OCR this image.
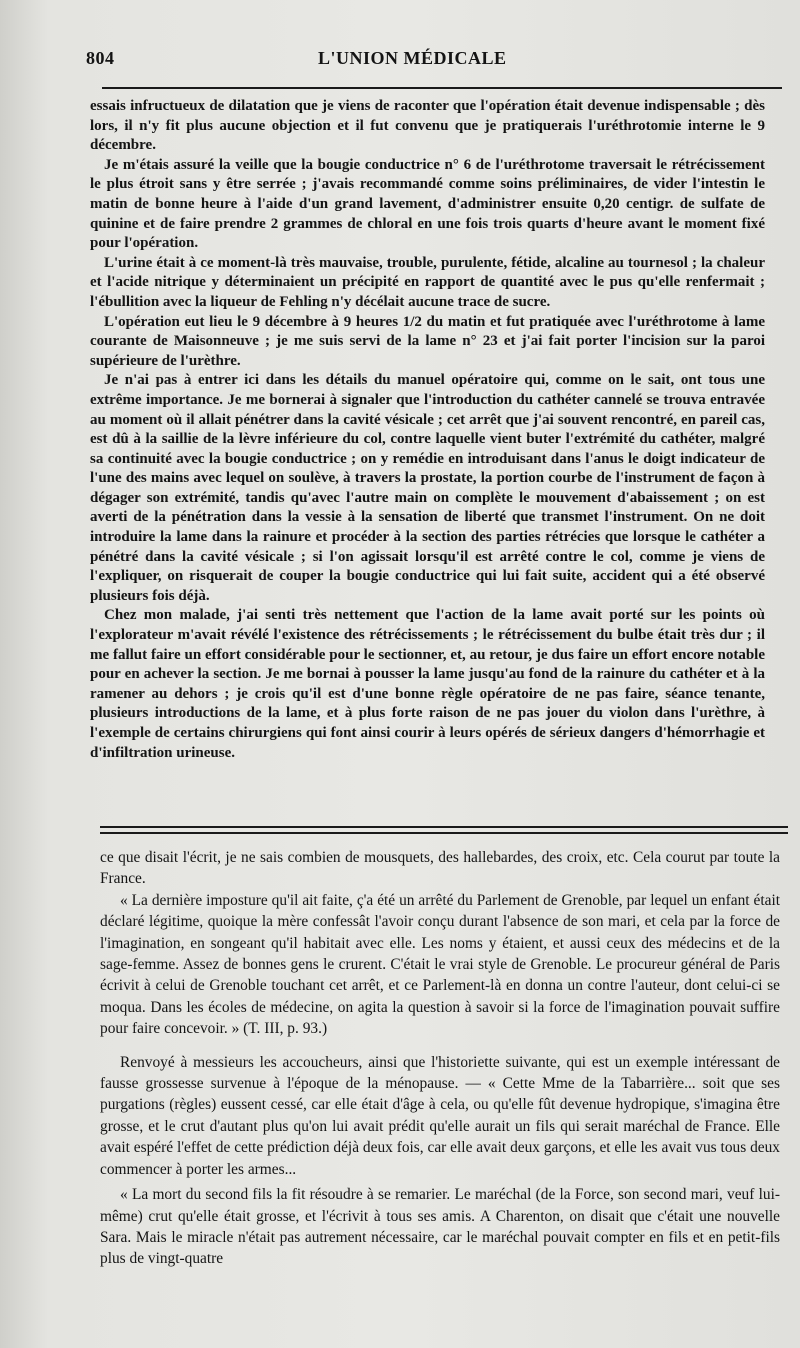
804	L'UNION MÉDICALE

essais infructueux de dilatation que je viens de raconter que l'opération était devenue indispensable ; dès lors, il n'y fit plus aucune objection et il fut convenu que je pratiquerais l'uréthrotomie interne le 9 décembre.

Je m'étais assuré la veille que la bougie conductrice n° 6 de l'uréthrotome traversait le rétrécissement le plus étroit sans y être serrée ; j'avais recommandé comme soins préliminaires, de vider l'intestin le matin de bonne heure à l'aide d'un grand lavement, d'administrer ensuite 0,20 centigr. de sulfate de quinine et de faire prendre 2 grammes de chloral en une fois trois quarts d'heure avant le moment fixé pour l'opération.

L'urine était à ce moment-là très mauvaise, trouble, purulente, fétide, alcaline au tournesol ; la chaleur et l'acide nitrique y déterminaient un précipité en rapport de quantité avec le pus qu'elle renfermait ; l'ébullition avec la liqueur de Fehling n'y décélait aucune trace de sucre.

L'opération eut lieu le 9 décembre à 9 heures 1/2 du matin et fut pratiquée avec l'uréthrotome à lame courante de Maisonneuve ; je me suis servi de la lame n° 23 et j'ai fait porter l'incision sur la paroi supérieure de l'urèthre.

Je n'ai pas à entrer ici dans les détails du manuel opératoire qui, comme on le sait, ont tous une extrême importance. Je me bornerai à signaler que l'introduction du cathéter cannelé se trouva entravée au moment où il allait pénétrer dans la cavité vésicale ; cet arrêt que j'ai souvent rencontré, en pareil cas, est dû à la saillie de la lèvre inférieure du col, contre laquelle vient buter l'extrémité du cathéter, malgré sa continuité avec la bougie conductrice ; on y remédie en introduisant dans l'anus le doigt indicateur de l'une des mains avec lequel on soulève, à travers la prostate, la portion courbe de l'instrument de façon à dégager son extrémité, tandis qu'avec l'autre main on complète le mouvement d'abaissement ; on est averti de la pénétration dans la vessie à la sensation de liberté que transmet l'instrument. On ne doit introduire la lame dans la rainure et procéder à la section des parties rétrécies que lorsque le cathéter a pénétré dans la cavité vésicale ; si l'on agissait lorsqu'il est arrêté contre le col, comme je viens de l'expliquer, on risquerait de couper la bougie conductrice qui lui fait suite, accident qui a été observé plusieurs fois déjà.

Chez mon malade, j'ai senti très nettement que l'action de la lame avait porté sur les points où l'explorateur m'avait révélé l'existence des rétrécissements ; le rétrécissement du bulbe était très dur ; il me fallut faire un effort considérable pour le sectionner, et, au retour, je dus faire un effort encore notable pour en achever la section. Je me bornai à pousser la lame jusqu'au fond de la rainure du cathéter et à la ramener au dehors ; je crois qu'il est d'une bonne règle opératoire de ne pas faire, séance tenante, plusieurs introductions de la lame, et à plus forte raison de ne pas jouer du violon dans l'urèthre, à l'exemple de certains chirurgiens qui font ainsi courir à leurs opérés de sérieux dangers d'hémorrhagie et d'infiltration urineuse.

ce que disait l'écrit, je ne sais combien de mousquets, des hallebardes, des croix, etc. Cela courut par toute la France.

« La dernière imposture qu'il ait faite, ç'a été un arrêté du Parlement de Grenoble, par lequel un enfant était déclaré légitime, quoique la mère confessât l'avoir conçu durant l'absence de son mari, et cela par la force de l'imagination, en songeant qu'il habitait avec elle. Les noms y étaient, et aussi ceux des médecins et de la sage-femme. Assez de bonnes gens le crurent. C'était le vrai style de Grenoble. Le procureur général de Paris écrivit à celui de Grenoble touchant cet arrêt, et ce Parlement-là en donna un contre l'auteur, dont celui-ci se moqua. Dans les écoles de médecine, on agita la question à savoir si la force de l'imagination pouvait suffire pour faire concevoir. » (T. III, p. 93.)

Renvoyé à messieurs les accoucheurs, ainsi que l'historiette suivante, qui est un exemple intéressant de fausse grossesse survenue à l'époque de la ménopause. — « Cette Mme de la Tabarrière... soit que ses purgations (règles) eussent cessé, car elle était d'âge à cela, ou qu'elle fût devenue hydropique, s'imagina être grosse, et le crut d'autant plus qu'on lui avait prédit qu'elle aurait un fils qui serait maréchal de France. Elle avait espéré l'effet de cette prédiction déjà deux fois, car elle avait deux garçons, et elle les avait vus tous deux commencer à porter les armes...

« La mort du second fils la fit résoudre à se remarier. Le maréchal (de la Force, son second mari, veuf lui-même) crut qu'elle était grosse, et l'écrivit à tous ses amis. A Charenton, on disait que c'était une nouvelle Sara. Mais le miracle n'était pas autrement nécessaire, car le maréchal pouvait compter en fils et en petit-fils plus de vingt-quatre
